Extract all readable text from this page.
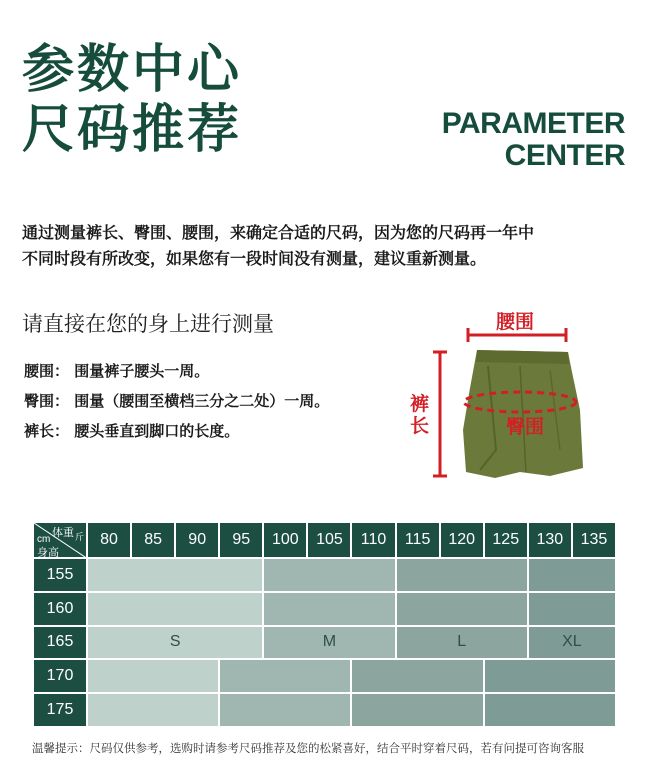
参数中心
尺码推荐	PARAMETER
CENTER
通过测量裤长、臀围、腰围，来确定合适的尺码，因为您的尺码再一年中
不同时段有所改变，如果您有一段时间没有测量，建议重新测量。
请直接在您的身上进行测量
腰围： 围量裤子腰头一周。
臀围： 围量（腰围至横档三分之二处）一周。
裤长： 腰头垂直到脚口的长度。
腰围
臀围
裤
长
体重 斤
cm
身高	80	85	90	95	100	105	110	115	120	125	130	135
155												
160												
165	S				M			L			XL	
170												
175												
温馨提示：尺码仅供参考，选购时请参考尺码推荐及您的松紧喜好，结合平时穿着尺码，若有问提可咨询客服
